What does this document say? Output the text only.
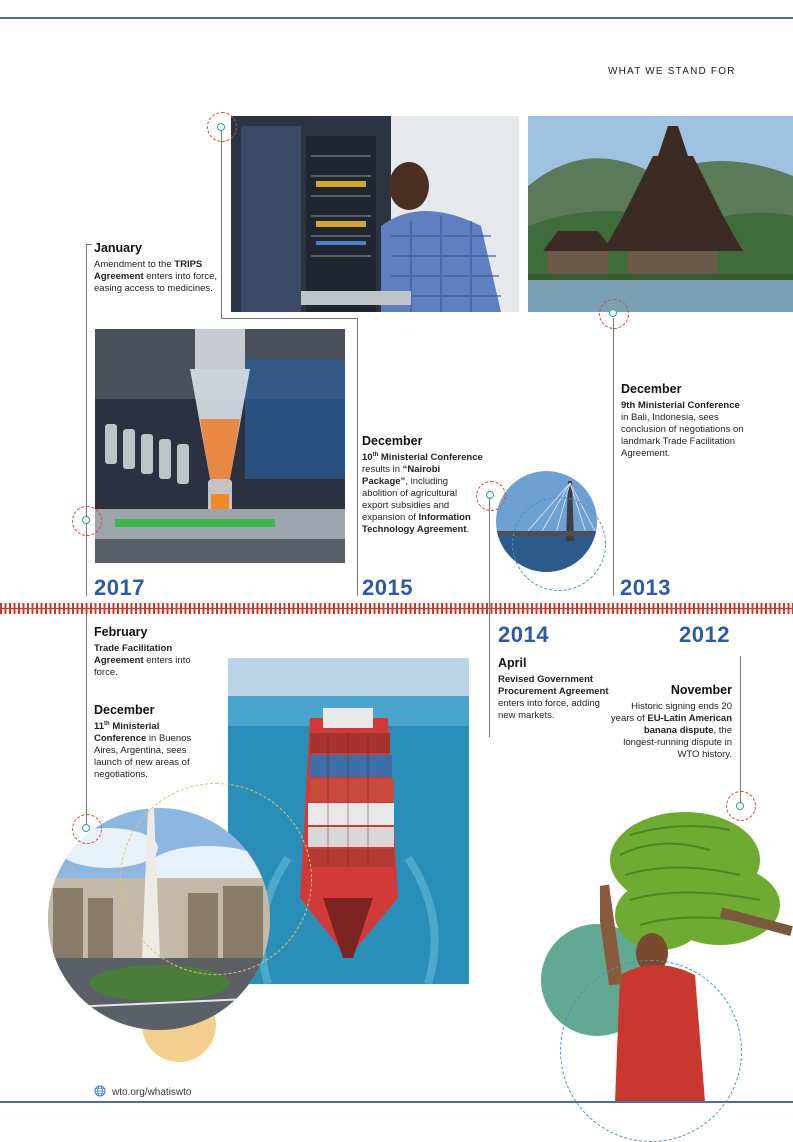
WHAT WE STAND FOR
2017
January
Amendment to the TRIPS Agreement enters into force, easing access to medicines.
2015
December
10th Ministerial Conference results in “Nairobi Package”, including abolition of agricultural export subsidies and expansion of Information Technology Agreement.
2013
December
9th Ministerial Conference in Bali, Indonesia, sees conclusion of negotiations on landmark Trade Facilitation Agreement.
2014
April
Revised Government Procurement Agreement enters into force, adding new markets.
2012
November
Historic signing ends 20 years of EU-Latin American banana dispute, the longest-running dispute in WTO history.
February
Trade Facilitation Agreement enters into force.
December
11th Ministerial Conference in Buenos Aires, Argentina, sees launch of new areas of negotiations.
wto.org/whatiswto
